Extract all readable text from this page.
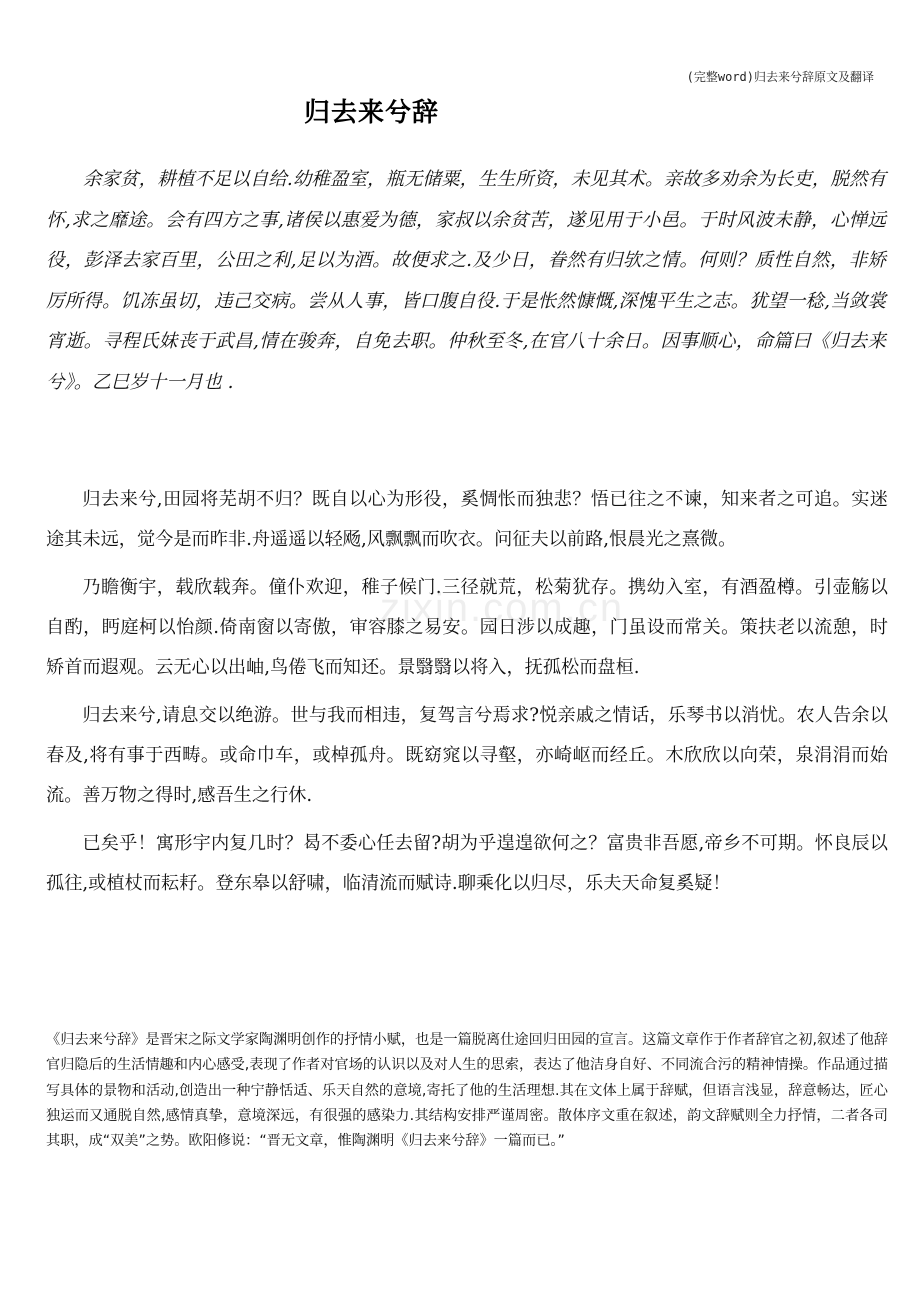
(完整word)归去来兮辞原文及翻译
归去来兮辞

余家贫，耕植不足以自给.幼稚盈室，瓶无储粟，生生所资，未见其术。亲故多劝余为长吏，脱然有怀,求之靡途。会有四方之事,诸侯以惠爱为德，家叔以余贫苦，遂见用于小邑。于时风波未静，心惮远役，彭泽去家百里，公田之利,足以为酒。故便求之.及少日，眷然有归欤之情。何则？质性自然，非矫厉所得。饥冻虽切，违己交病。尝从人事，皆口腹自役.于是怅然慷慨,深愧平生之志。犹望一稔,当敛裳宵逝。寻程氏妹丧于武昌,情在骏奔，自免去职。仲秋至冬,在官八十余日。因事顺心，命篇曰《归去来兮》。乙巳岁十一月也 .

归去来兮,田园将芜胡不归？既自以心为形役，奚惆怅而独悲？悟已往之不谏，知来者之可追。实迷途其未远，觉今是而昨非.舟遥遥以轻飏,风飘飘而吹衣。问征夫以前路,恨晨光之熹微。

乃瞻衡宇，载欣载奔。僮仆欢迎，稚子候门.三径就荒，松菊犹存。携幼入室，有酒盈樽。引壶觞以自酌，眄庭柯以怡颜.倚南窗以寄傲，审容膝之易安。园日涉以成趣，门虽设而常关。策扶老以流憩，时矫首而遐观。云无心以出岫,鸟倦飞而知还。景翳翳以将入，抚孤松而盘桓.

归去来兮,请息交以绝游。世与我而相违，复驾言兮焉求?悦亲戚之情话，乐琴书以消忧。农人告余以春及,将有事于西畴。或命巾车，或棹孤舟。既窈窕以寻壑，亦崎岖而经丘。木欣欣以向荣，泉涓涓而始流。善万物之得时,感吾生之行休.

已矣乎！寓形宇内复几时？曷不委心任去留?胡为乎遑遑欲何之？富贵非吾愿,帝乡不可期。怀良辰以孤往,或植杖而耘耔。登东皋以舒啸，临清流而赋诗.聊乘化以归尽，乐夫天命复奚疑！

zixin.com.cn

《归去来兮辞》是晋宋之际文学家陶渊明创作的抒情小赋，也是一篇脱离仕途回归田园的宣言。这篇文章作于作者辞官之初,叙述了他辞官归隐后的生活情趣和内心感受,表现了作者对官场的认识以及对人生的思索，表达了他洁身自好、不同流合污的精神情操。作品通过描写具体的景物和活动,创造出一种宁静恬适、乐天自然的意境,寄托了他的生活理想.其在文体上属于辞赋，但语言浅显，辞意畅达，匠心独运而又通脱自然,感情真挚，意境深远，有很强的感染力.其结构安排严谨周密。散体序文重在叙述，韵文辞赋则全力抒情，二者各司其职，成“双美”之势。欧阳修说：“晋无文章，惟陶渊明《归去来兮辞》一篇而已。”
